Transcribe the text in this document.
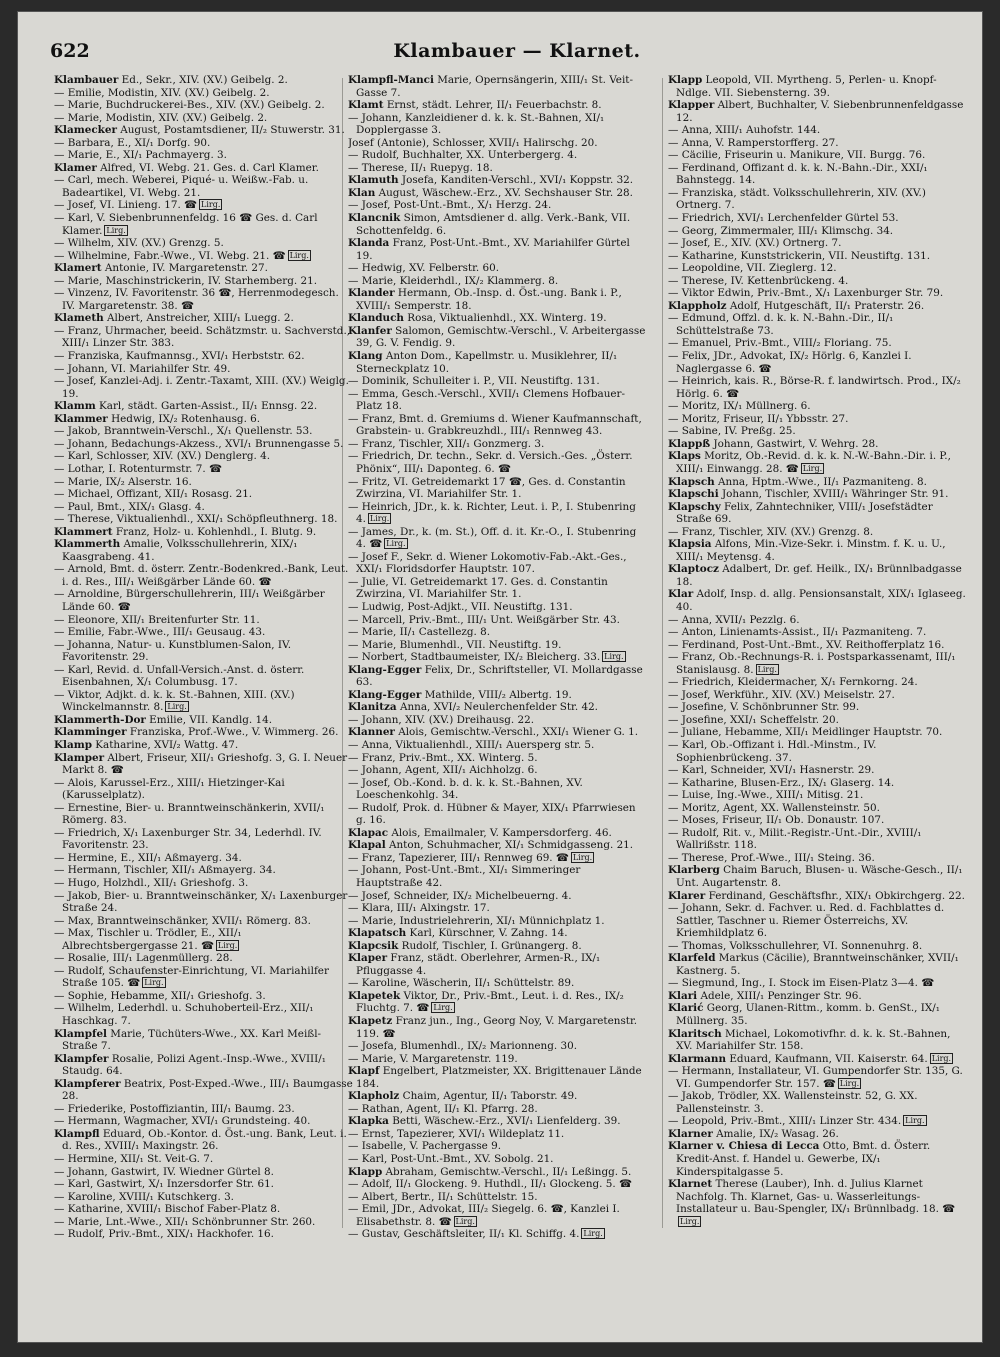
622	Klambauer — Klarnet.
Klambauer Ed., Sekr., XIV. (XV.) Geibelg. 2.
— Emilie, Modistin, XIV. (XV.) Geibelg. 2.
— Marie, Buchdruckerei-Bes., XIV. (XV.) Geibelg. 2.
— Marie, Modistin, XIV. (XV.) Geibelg. 2.
Klamecker August, Postamtsdiener, II/₂ Stuwerstr. 31.
— Barbara, E., XI/₁ Dorfg. 90.
— Marie, E., XI/₁ Pachmayerg. 3.
Klamer Alfred, VI. Webg. 21. Ges. d. Carl Klamer.
— Carl, mech. Weberei, Piqué- u. Weißw.-Fab. u. Badeartikel, VI. Webg. 21.
— Josef, VI. Linieng. 17. ☎ Lirg.
— Karl, V. Siebenbrunnenfeldg. 16 ☎ Ges. d. Carl Klamer. Lirg.
— Wilhelm, XIV. (XV.) Grenzg. 5.
— Wilhelmine, Fabr.-Wwe., VI. Webg. 21. ☎ Lirg.
Klamert Antonie, IV. Margaretenstr. 27.
— Marie, Maschinstrickerin, IV. Starhemberg. 21.
— Vinzenz, IV. Favoritenstr. 36 ☎, Herrenmodegesch. IV. Margaretenstr. 38. ☎
Klameth Albert, Anstreicher, XIII/₁ Luegg. 2.
— Franz, Uhrmacher, beeid. Schätzmstr. u. Sachverstd., XIII/₁ Linzer Str. 383.
— Franziska, Kaufmannsg., XVI/₁ Herbststr. 62.
— Johann, VI. Mariahilfer Str. 49.
— Josef, Kanzlei-Adj. i. Zentr.-Taxamt, XIII. (XV.) Weiglg. 19.
Klamm Karl, städt. Garten-Assist., II/₁ Ennsg. 22.
Klammer Hedwig, IX/₂ Rotenhausg. 6.
— Jakob, Branntwein-Verschl., X/₁ Quellenstr. 53.
— Johann, Bedachungs-Akzess., XVI/₁ Brunnengasse 5.
— Karl, Schlosser, XIV. (XV.) Denglerg. 4.
— Lothar, I. Rotenturmstr. 7. ☎
— Marie, IX/₂ Alserstr. 16.
— Michael, Offizant, XII/₁ Rosasg. 21.
— Paul, Bmt., XIX/₁ Glasg. 4.
— Therese, Viktualienhdl., XXI/₁ Schöpfleuthnerg. 18.
Klammert Franz, Holz- u. Kohlenhdl., I. Blutg. 9.
Klammerth Amalie, Volksschullehrerin, XIX/₁ Kaasgrabeng. 41.
— Arnold, Bmt. d. österr. Zentr.-Bodenkred.-Bank, Leut. i. d. Res., III/₁ Weißgärber Lände 60. ☎
— Arnoldine, Bürgerschullehrerin, III/₁ Weißgärber Lände 60. ☎
— Eleonore, XII/₁ Breitenfurter Str. 11.
— Emilie, Fabr.-Wwe., III/₁ Geusaug. 43.
— Johanna, Natur- u. Kunstblumen-Salon, IV. Favoritenstr. 29.
— Karl, Revid. d. Unfall-Versich.-Anst. d. österr. Eisenbahnen, X/₁ Columbusg. 17.
— Viktor, Adjkt. d. k. k. St.-Bahnen, XIII. (XV.) Winckelmannstr. 8. Lirg.
Klammerth-Dor Emilie, VII. Kandlg. 14.
Klamminger Franziska, Prof.-Wwe., V. Wimmerg. 26.
Klamp Katharine, XVI/₂ Wattg. 47.
Klamper Albert, Friseur, XII/₁ Grieshofg. 3, G. I. Neuer Markt 8. ☎
— Alois, Karussel-Erz., XIII/₁ Hietzinger-Kai (Karusselplatz).
— Ernestine, Bier- u. Branntweinschänkerin, XVII/₁ Römerg. 83.
— Friedrich, X/₁ Laxenburger Str. 34, Lederhdl. IV. Favoritenstr. 23.
— Hermine, E., XII/₁ Aßmayerg. 34.
— Hermann, Tischler, XII/₁ Aßmayerg. 34.
— Hugo, Holzhdl., XII/₁ Grieshofg. 3.
— Jakob, Bier- u. Branntweinschänker, X/₁ Laxenburger Straße 24.
— Max, Branntweinschänker, XVII/₁ Römerg. 83.
— Max, Tischler u. Trödler, E., XII/₁ Albrechtsbergergasse 21. ☎ Lirg.
— Rosalie, III/₁ Lagenmüllerg. 28.
— Rudolf, Schaufenster-Einrichtung, VI. Mariahilfer Straße 105. ☎ Lirg.
— Sophie, Hebamme, XII/₁ Grieshofg. 3.
— Wilhelm, Lederhdl. u. Schuhoberteil-Erz., XII/₁ Haschkag. 7.
Klampfel Marie, Tüchüters-Wwe., XX. Karl Meißl-Straße 7.
Klampfer Rosalie, Polizi Agent.-Insp.-Wwe., XVIII/₁ Staudg. 64.
Klampferer Beatrix, Post-Exped.-Wwe., III/₁ Baumgasse 28.
— Friederike, Postoffiziantin, III/₁ Baumg. 23.
— Hermann, Wagmacher, XVI/₁ Grundsteing. 40.
Klampfl Eduard, Ob.-Kontor. d. Öst.-ung. Bank, Leut. i. d. Res., XVIII/₁ Maxingstr. 26.
— Hermine, XII/₁ St. Veit-G. 7.
— Johann, Gastwirt, IV. Wiedner Gürtel 8.
— Karl, Gastwirt, X/₁ Inzersdorfer Str. 61.
— Karoline, XVIII/₁ Kutschkerg. 3.
— Katharine, XVIII/₁ Bischof Faber-Platz 8.
— Marie, Lnt.-Wwe., XII/₁ Schönbrunner Str. 260.
— Rudolf, Priv.-Bmt., XIX/₁ Hackhofer. 16.
Klampfl-Manci Marie, Opernsängerin, XIII/₁ St. Veit-Gasse 7.
Klamt Ernst, städt. Lehrer, II/₁ Feuerbachstr. 8.
— Johann, Kanzleidiener d. k. k. St.-Bahnen, XI/₁ Dopplergasse 3.
Josef (Antonie), Schlosser, XVII/₁ Halirschg. 20.
— Rudolf, Buchhalter, XX. Unterbergerg. 4.
— Therese, II/₁ Ruepyg. 18.
Klamuth Josefa, Kanditen-Verschl., XVI/₁ Koppstr. 32.
Klan August, Wäschew.-Erz., XV. Sechshauser Str. 28.
— Josef, Post-Unt.-Bmt., X/₁ Herzg. 24.
Klancnik Simon, Amtsdiener d. allg. Verk.-Bank, VII. Schottenfeldg. 6.
Klanda Franz, Post-Unt.-Bmt., XV. Mariahilfer Gürtel 19.
— Hedwig, XV. Felberstr. 60.
— Marie, Kleiderhdl., IX/₂ Klammerg. 8.
Klander Hermann, Ob.-Insp. d. Öst.-ung. Bank i. P., XVIII/₁ Semperstr. 18.
Klanduch Rosa, Viktualienhdl., XX. Winterg. 19.
Klanfer Salomon, Gemischtw.-Verschl., V. Arbeitergasse 39, G. V. Fendig. 9.
Klang Anton Dom., Kapellmstr. u. Musiklehrer, II/₁ Sterneckplatz 10.
— Dominik, Schulleiter i. P., VII. Neustiftg. 131.
— Emma, Gesch.-Verschl., XVII/₁ Clemens Hofbauer-Platz 18.
— Franz, Bmt. d. Gremiums d. Wiener Kaufmannschaft, Grabstein- u. Grabkreuzhdl., III/₁ Rennweg 43.
— Franz, Tischler, XII/₁ Gonzmerg. 3.
— Friedrich, Dr. techn., Sekr. d. Versich.-Ges. „Österr. Phönix“, III/₁ Daponteg. 6. ☎
— Fritz, VI. Getreidemarkt 17 ☎, Ges. d. Constantin Zwirzina, VI. Mariahilfer Str. 1.
— Heinrich, JDr., k. k. Richter, Leut. i. P., I. Stubenring 4. Lirg.
— James, Dr., k. (m. St.), Off. d. it. Kr.-O., I. Stubenring 4. ☎ Lirg.
— Josef F., Sekr. d. Wiener Lokomotiv-Fab.-Akt.-Ges., XXI/₁ Floridsdorfer Hauptstr. 107.
— Julie, VI. Getreidemarkt 17. Ges. d. Constantin Zwirzina, VI. Mariahilfer Str. 1.
— Ludwig, Post-Adjkt., VII. Neustiftg. 131.
— Marcell, Priv.-Bmt., III/₁ Unt. Weißgärber Str. 43.
— Marie, II/₁ Castellezg. 8.
— Marie, Blumenhdl., VII. Neustiftg. 19.
— Norbert, Stadtbaumeister, IX/₂ Bleicherg. 33. Lirg.
Klang-Egger Felix, Dr., Schriftsteller, VI. Mollardgasse 63.
Klang-Egger Mathilde, VIII/₂ Albertg. 19.
Klanitza Anna, XVI/₂ Neulerchenfelder Str. 42.
— Johann, XIV. (XV.) Dreihausg. 22.
Klanner Alois, Gemischtw.-Verschl., XXI/₁ Wiener G. 1.
— Anna, Viktualienhdl., XIII/₁ Auersperg str. 5.
— Franz, Priv.-Bmt., XX. Winterg. 5.
— Johann, Agent, XII/₁ Aichholzg. 6.
— Josef, Ob.-Kond. b. d. k. k. St.-Bahnen, XV. Loeschenkohlg. 34.
— Rudolf, Prok. d. Hübner & Mayer, XIX/₁ Pfarrwiesen g. 16.
Klapac Alois, Emailmaler, V. Kampersdorferg. 46.
Klapal Anton, Schuhmacher, XI/₁ Schmidgasseng. 21.
— Franz, Tapezierer, III/₁ Rennweg 69. ☎ Lirg.
— Johann, Post-Unt.-Bmt., XI/₁ Simmeringer Hauptstraße 42.
— Josef, Schneider, IX/₂ Michelbeuerng. 4.
— Klara, III/₁ Alxingstr. 17.
— Marie, Industrielehrerin, XI/₁ Münnichplatz 1.
Klapatsch Karl, Kürschner, V. Zahng. 14.
Klapcsik Rudolf, Tischler, I. Grünangerg. 8.
Klaper Franz, städt. Oberlehrer, Armen-R., IX/₁ Pfluggasse 4.
— Karoline, Wäscherin, II/₁ Schüttelstr. 89.
Klapetek Viktor, Dr., Priv.-Bmt., Leut. i. d. Res., IX/₂ Fluchtg. 7. ☎ Lirg.
Klapetz Franz jun., Ing., Georg Noy, V. Margaretenstr. 119. ☎
— Josefa, Blumenhdl., IX/₂ Marionneng. 30.
— Marie, V. Margaretenstr. 119.
Klapf Engelbert, Platzmeister, XX. Brigittenauer Lände 184.
Klapholz Chaim, Agentur, II/₁ Taborstr. 49.
— Rathan, Agent, II/₁ Kl. Pfarrg. 28.
Klapka Betti, Wäschew.-Erz., XVI/₁ Lienfelderg. 39.
— Ernst, Tapezierer, XVI/₁ Wildeplatz 11.
— Isabelle, V. Pachergasse 9.
— Karl, Post-Unt.-Bmt., XV. Sobolg. 21.
Klapp Abraham, Gemischtw.-Verschl., II/₁ Leßingg. 5.
— Adolf, II/₁ Glockeng. 9. Huthdl., II/₁ Glockeng. 5. ☎
— Albert, Bertr., II/₁ Schüttelstr. 15.
— Emil, JDr., Advokat, III/₂ Siegelg. 6. ☎, Kanzlei I. Elisabethstr. 8. ☎ Lirg.
— Gustav, Geschäftsleiter, II/₁ Kl. Schiffg. 4. Lirg.
Klapp Leopold, VII. Myrtheng. 5, Perlen- u. Knopf-Ndlge. VII. Siebensterng. 39.
Klapper Albert, Buchhalter, V. Siebenbrunnenfeldgasse 12.
— Anna, XIII/₁ Auhofstr. 144.
— Anna, V. Ramperstorfferg. 27.
— Cäcilie, Friseurin u. Manikure, VII. Burgg. 76.
— Ferdinand, Offizant d. k. k. N.-Bahn.-Dir., XXI/₁ Bahnstegg. 14.
— Franziska, städt. Volksschullehrerin, XIV. (XV.) Ortnerg. 7.
— Friedrich, XVI/₁ Lerchenfelder Gürtel 53.
— Georg, Zimmermaler, III/₁ Klimschg. 34.
— Josef, E., XIV. (XV.) Ortnerg. 7.
— Katharine, Kunststrickerin, VII. Neustiftg. 131.
— Leopoldine, VII. Zieglerg. 12.
— Therese, IV. Kettenbrückeng. 4.
— Viktor Edwin, Priv.-Bmt., X/₁ Laxenburger Str. 79.
Klappholz Adolf, Hutgeschäft, II/₁ Praterstr. 26.
— Edmund, Offzl. d. k. k. N.-Bahn.-Dir., II/₁ Schüttelstraße 73.
— Emanuel, Priv.-Bmt., VIII/₂ Floriang. 75.
— Felix, JDr., Advokat, IX/₂ Hörlg. 6, Kanzlei I. Naglergasse 6. ☎
— Heinrich, kais. R., Börse-R. f. landwirtsch. Prod., IX/₂ Hörlg. 6. ☎
— Moritz, IX/₁ Müllnerg. 6.
— Moritz, Friseur, II/₁ Ybbsstr. 27.
— Sabine, IV. Preßg. 25.
Klappß Johann, Gastwirt, V. Wehrg. 28.
Klaps Moritz, Ob.-Revid. d. k. k. N.-W.-Bahn.-Dir. i. P., XIII/₁ Einwangg. 28. ☎ Lirg.
Klapsch Anna, Hptm.-Wwe., II/₁ Pazmaniteng. 8.
Klapschi Johann, Tischler, XVIII/₁ Währinger Str. 91.
Klapschy Felix, Zahntechniker, VIII/₁ Josefstädter Straße 69.
— Franz, Tischler, XIV. (XV.) Grenzg. 8.
Klapsia Alfons, Min.-Vize-Sekr. i. Minstm. f. K. u. U., XIII/₁ Meytensg. 4.
Klaptocz Adalbert, Dr. gef. Heilk., IX/₁ Brünnlbadgasse 18.
Klar Adolf, Insp. d. allg. Pensionsanstalt, XIX/₁ Iglaseeg. 40.
— Anna, XVII/₁ Pezzlg. 6.
— Anton, Linienamts-Assist., II/₁ Pazmaniteng. 7.
— Ferdinand, Post-Unt.-Bmt., XV. Reithofferplatz 16.
— Franz, Ob.-Rechnungs-R. i. Postsparkassenamt, III/₁ Stanislausg. 8. Lirg.
— Friedrich, Kleidermacher, X/₁ Fernkorng. 24.
— Josef, Werkführ., XIV. (XV.) Meiselstr. 27.
— Josefine, V. Schönbrunner Str. 99.
— Josefine, XXI/₁ Scheffelstr. 20.
— Juliane, Hebamme, XII/₁ Meidlinger Hauptstr. 70.
— Karl, Ob.-Offizant i. Hdl.-Minstm., IV. Sophienbrückeng. 37.
— Karl, Schneider, XVI/₁ Hasnerstr. 29.
— Katharine, Blusen-Erz., IX/₁ Glaserg. 14.
— Luise, Ing.-Wwe., XIII/₁ Mitisg. 21.
— Moritz, Agent, XX. Wallensteinstr. 50.
— Moses, Friseur, II/₁ Ob. Donaustr. 107.
— Rudolf, Rit. v., Milit.-Registr.-Unt.-Dir., XVIII/₁ Wallrißstr. 118.
— Therese, Prof.-Wwe., III/₁ Steing. 36.
Klarberg Chaim Baruch, Blusen- u. Wäsche-Gesch., II/₁ Unt. Augartenstr. 8.
Klarer Ferdinand, Geschäftsfhr., XIX/₁ Obkirchgerg. 22.
— Johann, Sekr. d. Fachver. u. Red. d. Fachblattes d. Sattler, Taschner u. Riemer Österreichs, XV. Kriemhildplatz 6.
— Thomas, Volksschullehrer, VI. Sonnenuhrg. 8.
Klarfeld Markus (Cäcilie), Branntweinschänker, XVII/₁ Kastnerg. 5.
— Siegmund, Ing., I. Stock im Eisen-Platz 3—4. ☎
Klari Adele, XIII/₁ Penzinger Str. 96.
Klarić Georg, Ulanen-Rittm., komm. b. GenSt., IX/₁ Müllnerg. 35.
Klaritsch Michael, Lokomotivfhr. d. k. k. St.-Bahnen, XV. Mariahilfer Str. 158.
Klarmann Eduard, Kaufmann, VII. Kaiserstr. 64. Lirg.
— Hermann, Installateur, VI. Gumpendorfer Str. 135, G. VI. Gumpendorfer Str. 157. ☎ Lirg.
— Jakob, Trödler, XX. Wallensteinstr. 52, G. XX. Pallensteinstr. 3.
— Leopold, Priv.-Bmt., XIII/₁ Linzer Str. 434. Lirg.
Klarner Amalie, IX/₂ Wasag. 26.
Klarner v. Chiesa di Lecca Otto, Bmt. d. Österr. Kredit-Anst. f. Handel u. Gewerbe, IX/₁ Kinderspitalgasse 5.
Klarnet Therese (Lauber), Inh. d. Julius Klarnet Nachfolg. Th. Klarnet, Gas- u. Wasserleitungs-Installateur u. Bau-Spengler, IX/₁ Brünnlbadg. 18. ☎Lirg.
